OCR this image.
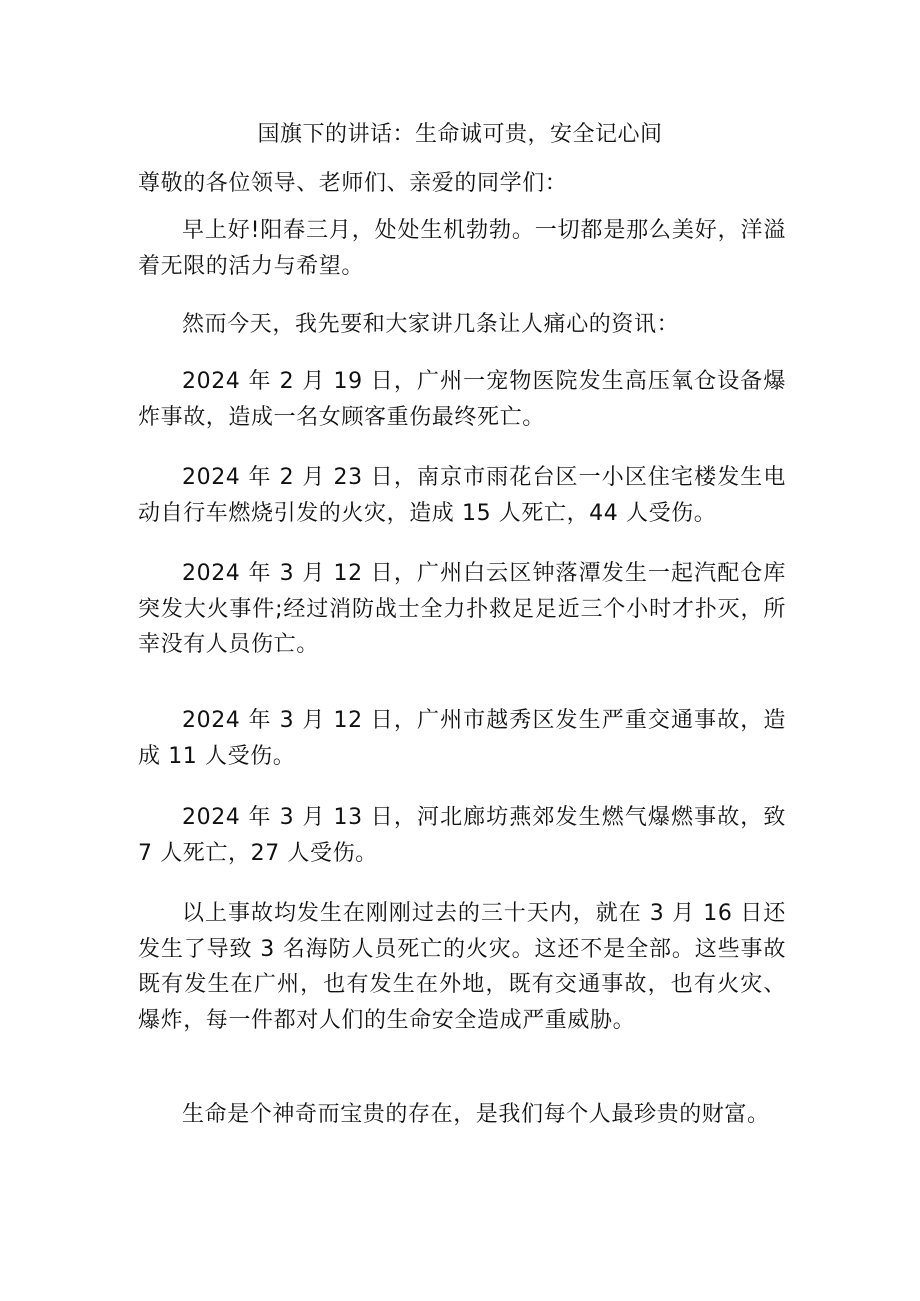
国旗下的讲话：生命诚可贵，安全记心间
尊敬的各位领导、老师们、亲爱的同学们：
早上好!阳春三月，处处生机勃勃。一切都是那么美好，洋溢着无限的活力与希望。
然而今天，我先要和大家讲几条让人痛心的资讯：
2024 年 2 月 19 日，广州一宠物医院发生高压氧仓设备爆炸事故，造成一名女顾客重伤最终死亡。
2024 年 2 月 23 日，南京市雨花台区一小区住宅楼发生电动自行车燃烧引发的火灾，造成 15 人死亡，44 人受伤。
2024 年 3 月 12 日，广州白云区钟落潭发生一起汽配仓库突发大火事件;经过消防战士全力扑救足足近三个小时才扑灭，所幸没有人员伤亡。
2024 年 3 月 12 日，广州市越秀区发生严重交通事故，造成 11 人受伤。
2024 年 3 月 13 日，河北廊坊燕郊发生燃气爆燃事故，致 7 人死亡，27 人受伤。
以上事故均发生在刚刚过去的三十天内，就在 3 月 16 日还发生了导致 3 名海防人员死亡的火灾。这还不是全部。这些事故既有发生在广州，也有发生在外地，既有交通事故，也有火灾、爆炸，每一件都对人们的生命安全造成严重威胁。
生命是个神奇而宝贵的存在，是我们每个人最珍贵的财富。
